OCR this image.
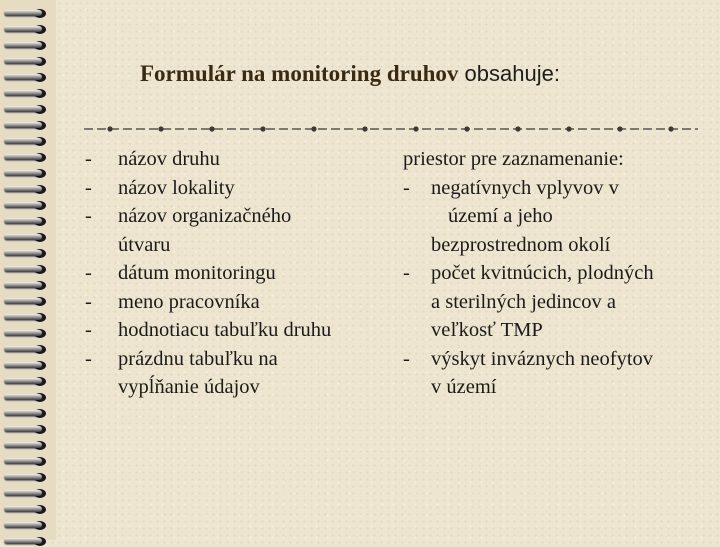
Formulár na monitoring druhov obsahuje:
- názov druhu
- názov lokality
- názov organizačného útvaru
- dátum monitoringu
- meno pracovníka
- hodnotiacu tabuľku druhu
- prázdnu tabuľku na vypĺňanie údajov
priestor pre zaznamenanie:
- negatívnych vplyvov v
území a jeho
bezprostrednom okolí
- počet kvitnúcich, plodných
a sterilných jedincov a
veľkosť TMP
- výskyt inváznych neofytov
v území
